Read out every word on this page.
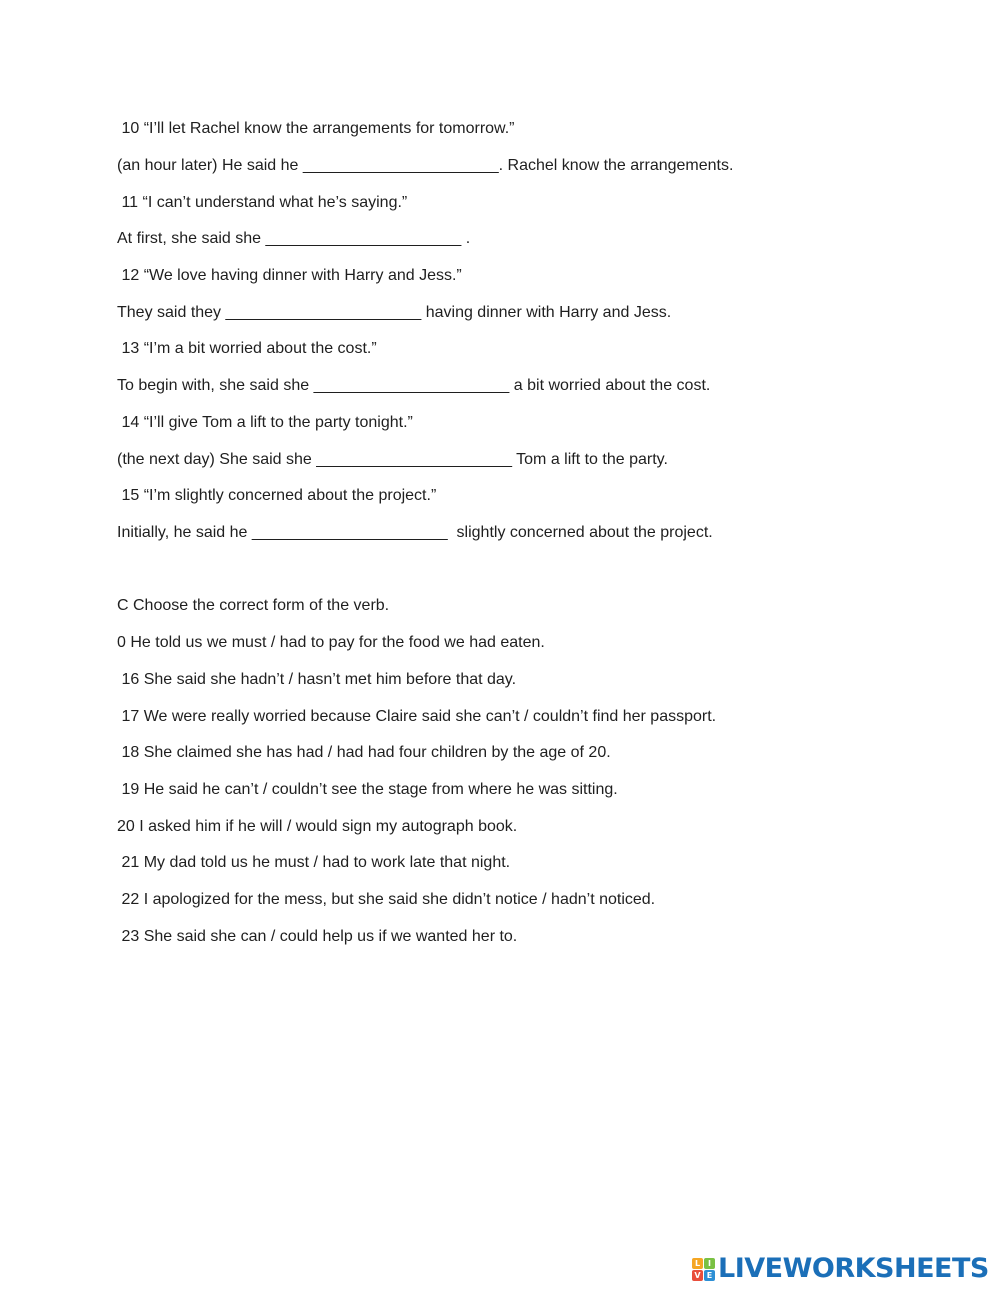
10 “I’ll let Rachel know the arrangements for tomorrow.”
(an hour later) He said he ______________________. Rachel know the arrangements.
11 “I can’t understand what he’s saying.”
At first, she said she ______________________ .
12 “We love having dinner with Harry and Jess.”
They said they ______________________ having dinner with Harry and Jess.
13 “I’m a bit worried about the cost.”
To begin with, she said she ______________________ a bit worried about the cost.
14 “I’ll give Tom a lift to the party tonight.”
(the next day) She said she ______________________ Tom a lift to the party.
15 “I’m slightly concerned about the project.”
Initially, he said he ______________________  slightly concerned about the project.
C Choose the correct form of the verb.
0 He told us we must / had to pay for the food we had eaten.
16 She said she hadn’t / hasn’t met him before that day.
17 We were really worried because Claire said she can’t / couldn’t find her passport.
18 She claimed she has had / had had four children by the age of 20.
19 He said he can’t / couldn’t see the stage from where he was sitting.
20 I asked him if he will / would sign my autograph book.
21 My dad told us he must / had to work late that night.
22 I apologized for the mess, but she said she didn’t notice / hadn’t noticed.
23 She said she can / could help us if we wanted her to.
L I
V E LIVEWORKSHEETS
